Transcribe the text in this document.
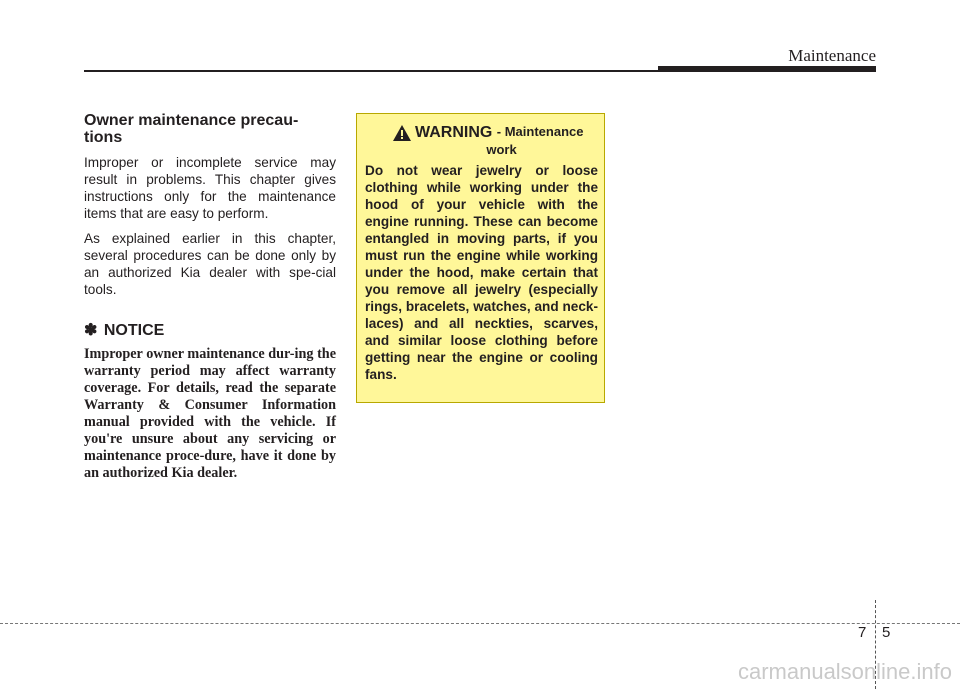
Maintenance
Owner maintenance precau-tions

Improper or incomplete service may result in problems. This chapter gives instructions only for the maintenance items that are easy to perform.

As explained earlier in this chapter, several procedures can be done only by an authorized Kia dealer with spe-cial tools.

✽ NOTICE

Improper owner maintenance dur-ing the warranty period may affect warranty coverage. For details, read the separate Warranty & Consumer Information manual provided with the vehicle. If you're unsure about any servicing or maintenance proce-dure, have it done by an authorized Kia dealer.

WARNING
- Maintenance
work

Do not wear jewelry or loose clothing while working under the hood of your vehicle with the engine running. These can become entangled in moving parts, if you must run the engine while working under the hood, make certain that you remove all jewelry (especially rings, bracelets, watches, and neck-laces) and all neckties, scarves, and similar loose clothing before getting near the engine or cooling fans.

7 5
carmanualsonline.info
